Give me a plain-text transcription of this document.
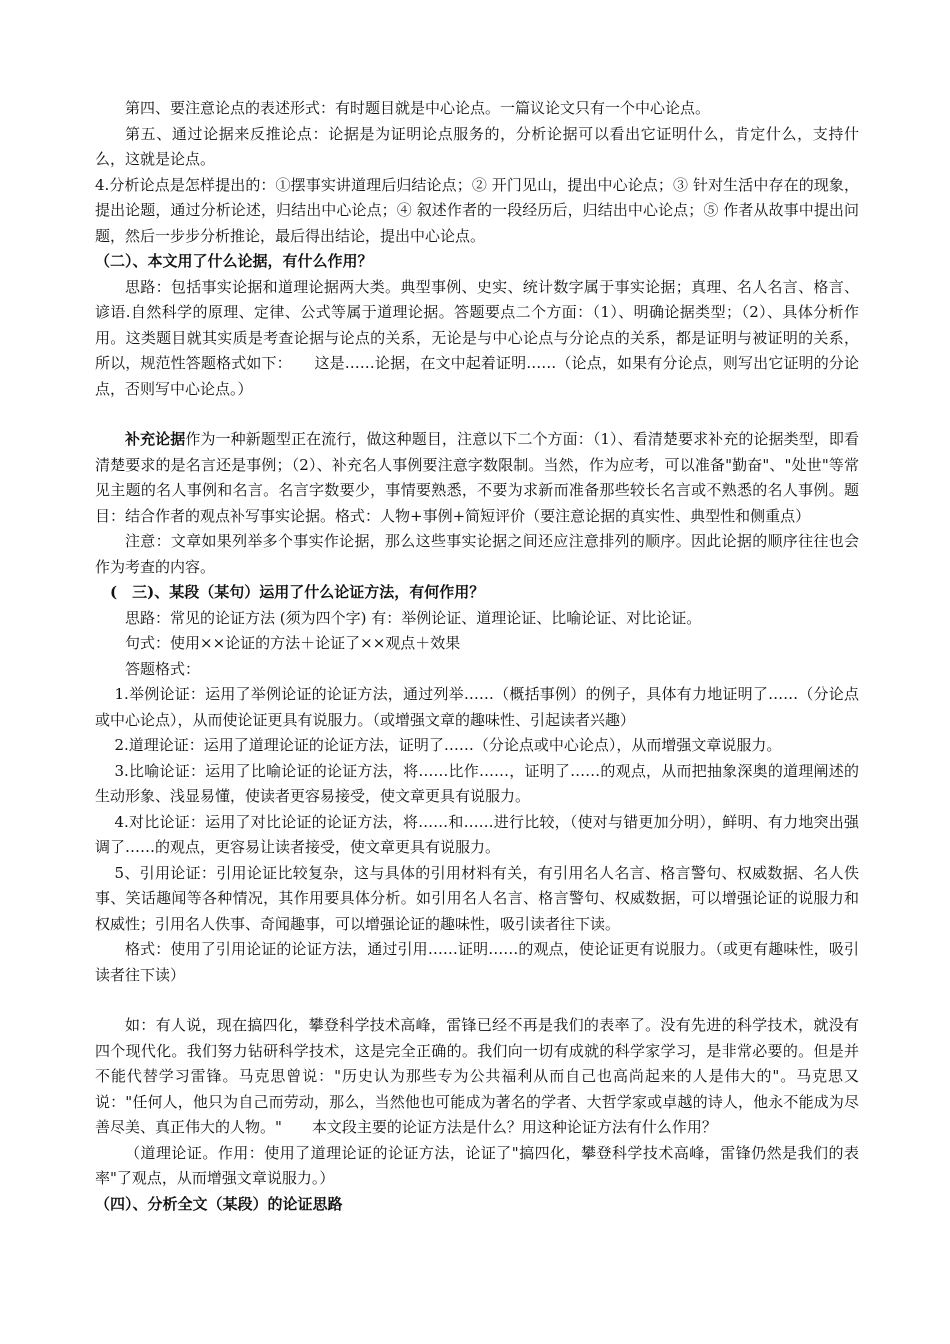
第四、要注意论点的表述形式：有时题目就是中心论点。一篇议论文只有一个中心论点。

第五、通过论据来反推论点：论据是为证明论点服务的，分析论据可以看出它证明什么，肯定什么，支持什么，这就是论点。

4.分析论点是怎样提出的：①摆事实讲道理后归结论点；② 开门见山，提出中心论点；③ 针对生活中存在的现象，提出论题，通过分析论述，归结出中心论点；④ 叙述作者的一段经历后，归结出中心论点；⑤ 作者从故事中提出问题，然后一步步分析推论，最后得出结论，提出中心论点。

（二）、本文用了什么论据，有什么作用？

思路：包括事实论据和道理论据两大类。典型事例、史实、统计数字属于事实论据；真理、名人名言、格言、谚语.自然科学的原理、定律、公式等属于道理论据。答题要点二个方面：（1）、明确论据类型；（2）、具体分析作用。这类题目就其实质是考查论据与论点的关系，无论是与中心论点与分论点的关系，都是证明与被证明的关系，所以，规范性答题格式如下：　　这是……论据，在文中起着证明……（论点，如果有分论点，则写出它证明的分论点，否则写中心论点。）

补充论据作为一种新题型正在流行，做这种题目，注意以下二个方面：（1）、看清楚要求补充的论据类型，即看清楚要求的是名言还是事例；（2）、补充名人事例要注意字数限制。当然，作为应考，可以准备"勤奋"、"处世"等常见主题的名人事例和名言。名言字数要少，事情要熟悉，不要为求新而准备那些较长名言或不熟悉的名人事例。题目：结合作者的观点补写事实论据。格式：人物+事例+简短评价（要注意论据的真实性、典型性和侧重点）

注意：文章如果列举多个事实作论据，那么这些事实论据之间还应注意排列的顺序。因此论据的顺序往往也会作为考查的内容。

(　三)、某段（某句）运用了什么论证方法，有何作用？

思路：常见的论证方法 (须为四个字) 有：举例论证、道理论证、比喻论证、对比论证。

句式：使用××论证的方法＋论证了××观点＋效果

答题格式：

1.举例论证：运用了举例论证的论证方法，通过列举……（概括事例）的例子，具体有力地证明了……（分论点或中心论点），从而使论证更具有说服力。（或增强文章的趣味性、引起读者兴趣）

2.道理论证：运用了道理论证的论证方法，证明了……（分论点或中心论点），从而增强文章说服力。

3.比喻论证：运用了比喻论证的论证方法，将……比作……，证明了……的观点，从而把抽象深奥的道理阐述的生动形象、浅显易懂，使读者更容易接受，使文章更具有说服力。

4.对比论证：运用了对比论证的论证方法，将……和……进行比较，（使对与错更加分明），鲜明、有力地突出强调了……的观点，更容易让读者接受，使文章更具有说服力。

5、引用论证：引用论证比较复杂，这与具体的引用材料有关，有引用名人名言、格言警句、权威数据、名人佚事、笑话趣闻等各种情况，其作用要具体分析。如引用名人名言、格言警句、权威数据，可以增强论证的说服力和权威性；引用名人佚事、奇闻趣事，可以增强论证的趣味性，吸引读者往下读。

格式：使用了引用论证的论证方法，通过引用……证明……的观点，使论证更有说服力。（或更有趣味性，吸引读者往下读）

如：有人说，现在搞四化，攀登科学技术高峰，雷锋已经不再是我们的表率了。没有先进的科学技术，就没有四个现代化。我们努力钻研科学技术，这是完全正确的。我们向一切有成就的科学家学习，是非常必要的。但是并不能代替学习雷锋。马克思曾说："历史认为那些专为公共福利从而自己也高尚起来的人是伟大的"。马克思又说："任何人，他只为自己而劳动，那么，当然他也可能成为著名的学者、大哲学家或卓越的诗人，他永不能成为尽善尽美、真正伟大的人物。"　　本文段主要的论证方法是什么？用这种论证方法有什么作用？

（道理论证。作用：使用了道理论证的论证方法，论证了"搞四化，攀登科学技术高峰，雷锋仍然是我们的表率"了观点，从而增强文章说服力。）

（四）、分析全文（某段）的论证思路
